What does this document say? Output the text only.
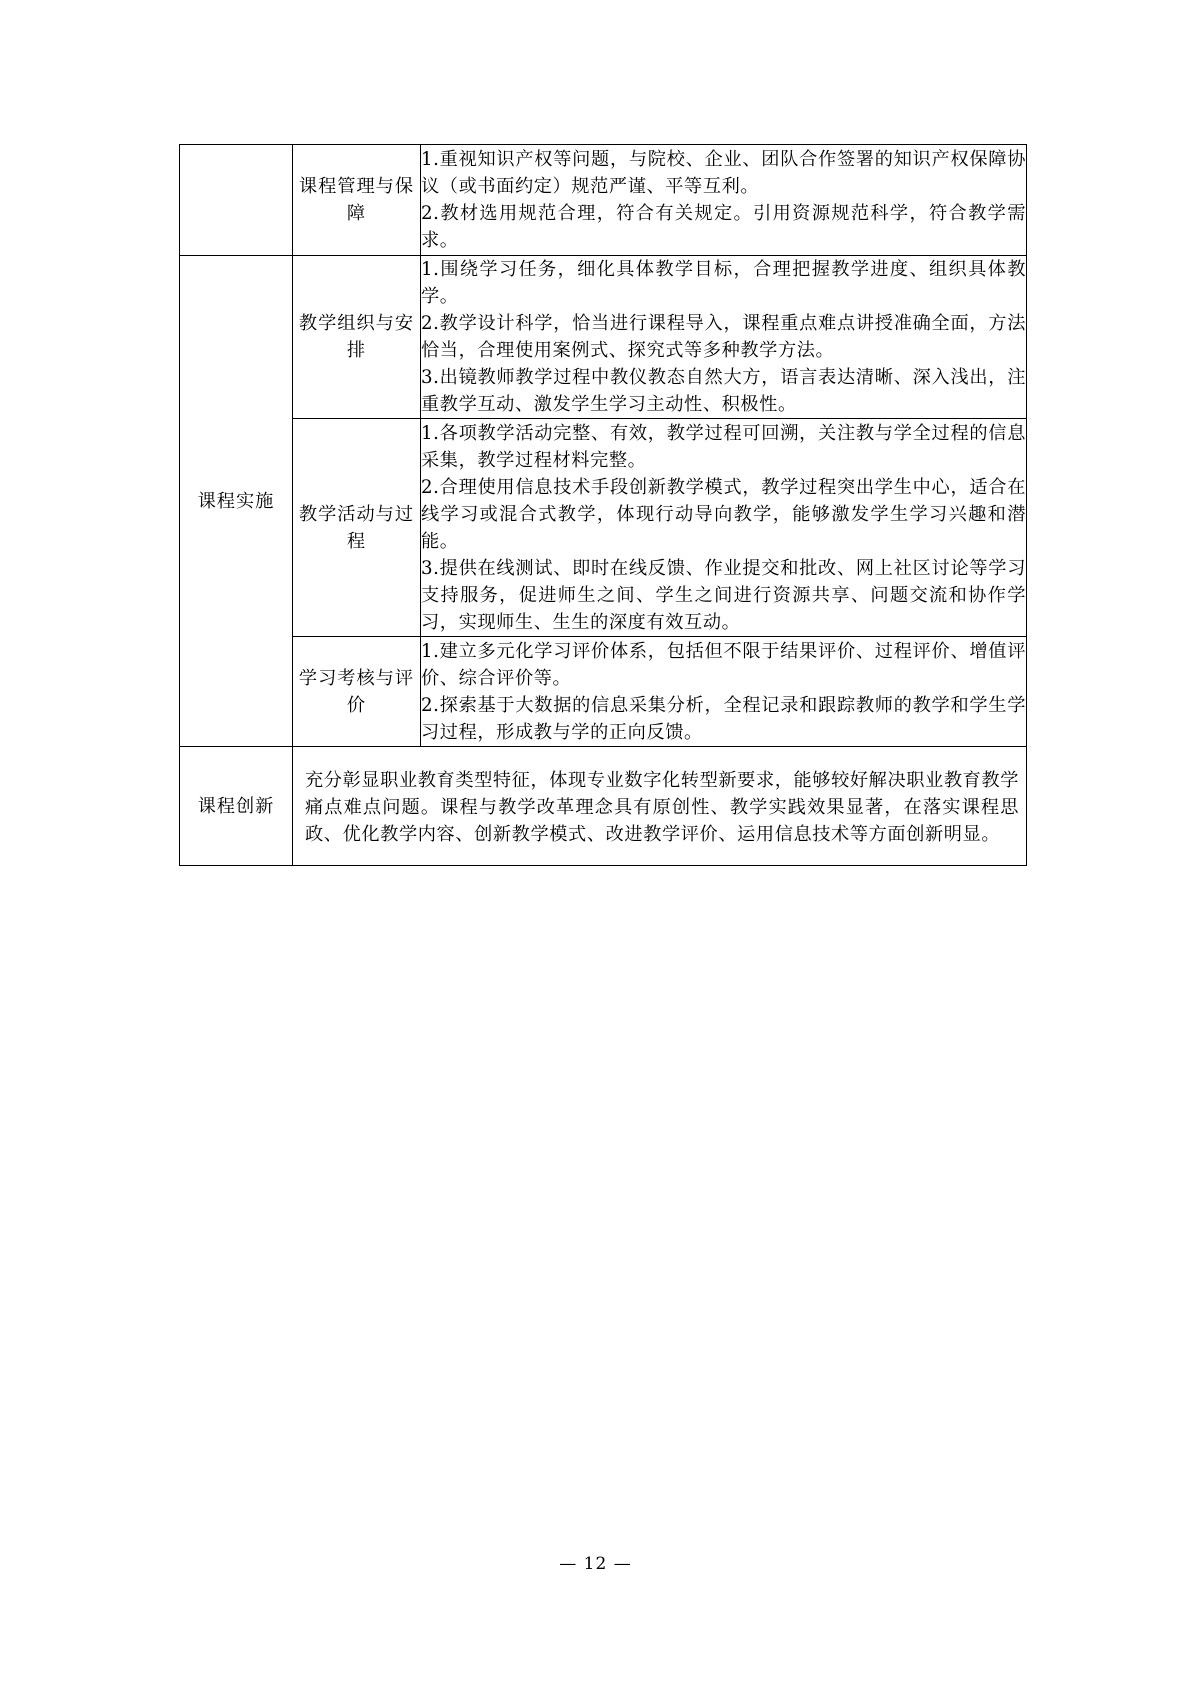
	课程管理与保障	1.重视知识产权等问题，与院校、企业、团队合作签署的知识产权保障协议（或书面约定）规范严谨、平等互利。

2.教材选用规范合理，符合有关规定。引用资源规范科学，符合教学需求。

课程实施	教学组织与安排	1.围绕学习任务，细化具体教学目标，合理把握教学进度、组织具体教学。

2.教学设计科学，恰当进行课程导入，课程重点难点讲授准确全面，方法恰当，合理使用案例式、探究式等多种教学方法。

3.出镜教师教学过程中教仪教态自然大方，语言表达清晰、深入浅出，注重教学互动、激发学生学习主动性、积极性。

	教学活动与过程	1.各项教学活动完整、有效，教学过程可回溯，关注教与学全过程的信息采集，教学过程材料完整。

2.合理使用信息技术手段创新教学模式，教学过程突出学生中心，适合在线学习或混合式教学，体现行动导向教学，能够激发学生学习兴趣和潜能。

3.提供在线测试、即时在线反馈、作业提交和批改、网上社区讨论等学习支持服务，促进师生之间、学生之间进行资源共享、问题交流和协作学习，实现师生、生生的深度有效互动。

	学习考核与评价	1.建立多元化学习评价体系，包括但不限于结果评价、过程评价、增值评价、综合评价等。

2.探索基于大数据的信息采集分析，全程记录和跟踪教师的教学和学生学习过程，形成教与学的正向反馈。

课程创新	充分彰显职业教育类型特征，体现专业数字化转型新要求，能够较好解决职业教育教学痛点难点问题。课程与教学改革理念具有原创性、教学实践效果显著，在落实课程思政、优化教学内容、创新教学模式、改进教学评价、运用信息技术等方面创新明显。	
— 12 —
